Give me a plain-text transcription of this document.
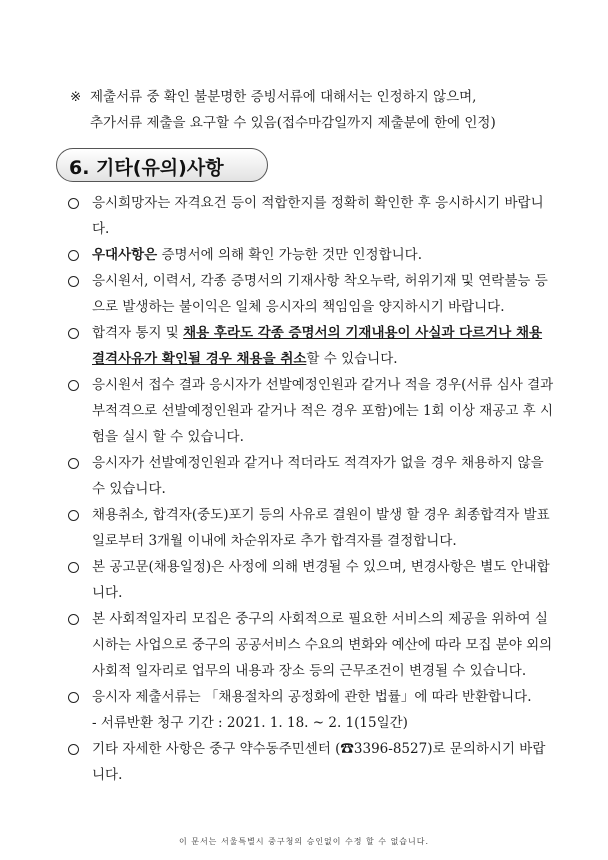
※ 제출서류 중 확인 불분명한 증빙서류에 대해서는 인정하지 않으며,
추가서류 제출을 요구할 수 있음(접수마감일까지 제출분에 한에 인정)
6. 기타(유의)사항
응시희망자는 자격요건 등이 적합한지를 정확히 확인한 후 응시하시기 바랍니다.
우대사항은 증명서에 의해 확인 가능한 것만 인정합니다.
응시원서, 이력서, 각종 증명서의 기재사항 착오누락, 허위기재 및 연락불능 등으로 발생하는 불이익은 일체 응시자의 책임임을 양지하시기 바랍니다.
합격자 통지 및 채용 후라도 각종 증명서의 기재내용이 사실과 다르거나 채용결격사유가 확인될 경우 채용을 취소할 수 있습니다.
응시원서 접수 결과 응시자가 선발예정인원과 같거나 적을 경우(서류 심사 결과 부적격으로 선발예정인원과 같거나 적은 경우 포함)에는 1회 이상 재공고 후 시험을 실시 할 수 있습니다.
응시자가 선발예정인원과 같거나 적더라도 적격자가 없을 경우 채용하지 않을 수 있습니다.
채용취소, 합격자(중도)포기 등의 사유로 결원이 발생 할 경우 최종합격자 발표일로부터 3개월 이내에 차순위자로 추가 합격자를 결정합니다.
본 공고문(채용일정)은 사정에 의해 변경될 수 있으며, 변경사항은 별도 안내합니다.
본 사회적일자리 모집은 중구의 사회적으로 필요한 서비스의 제공을 위하여 실시하는 사업으로 중구의 공공서비스 수요의 변화와 예산에 따라 모집 분야 외의 사회적 일자리로 업무의 내용과 장소 등의 근무조건이 변경될 수 있습니다.
응시자 제출서류는 「채용절차의 공정화에 관한 법률」에 따라 반환합니다.
- 서류반환 청구 기간 : 2021. 1. 18. ~ 2. 1(15일간)
기타 자세한 사항은 중구 약수동주민센터 (☎3396-8527)로 문의하시기 바랍니다.
이 문서는 서울특별시 중구청의 승인없이 수정 할 수 없습니다.
